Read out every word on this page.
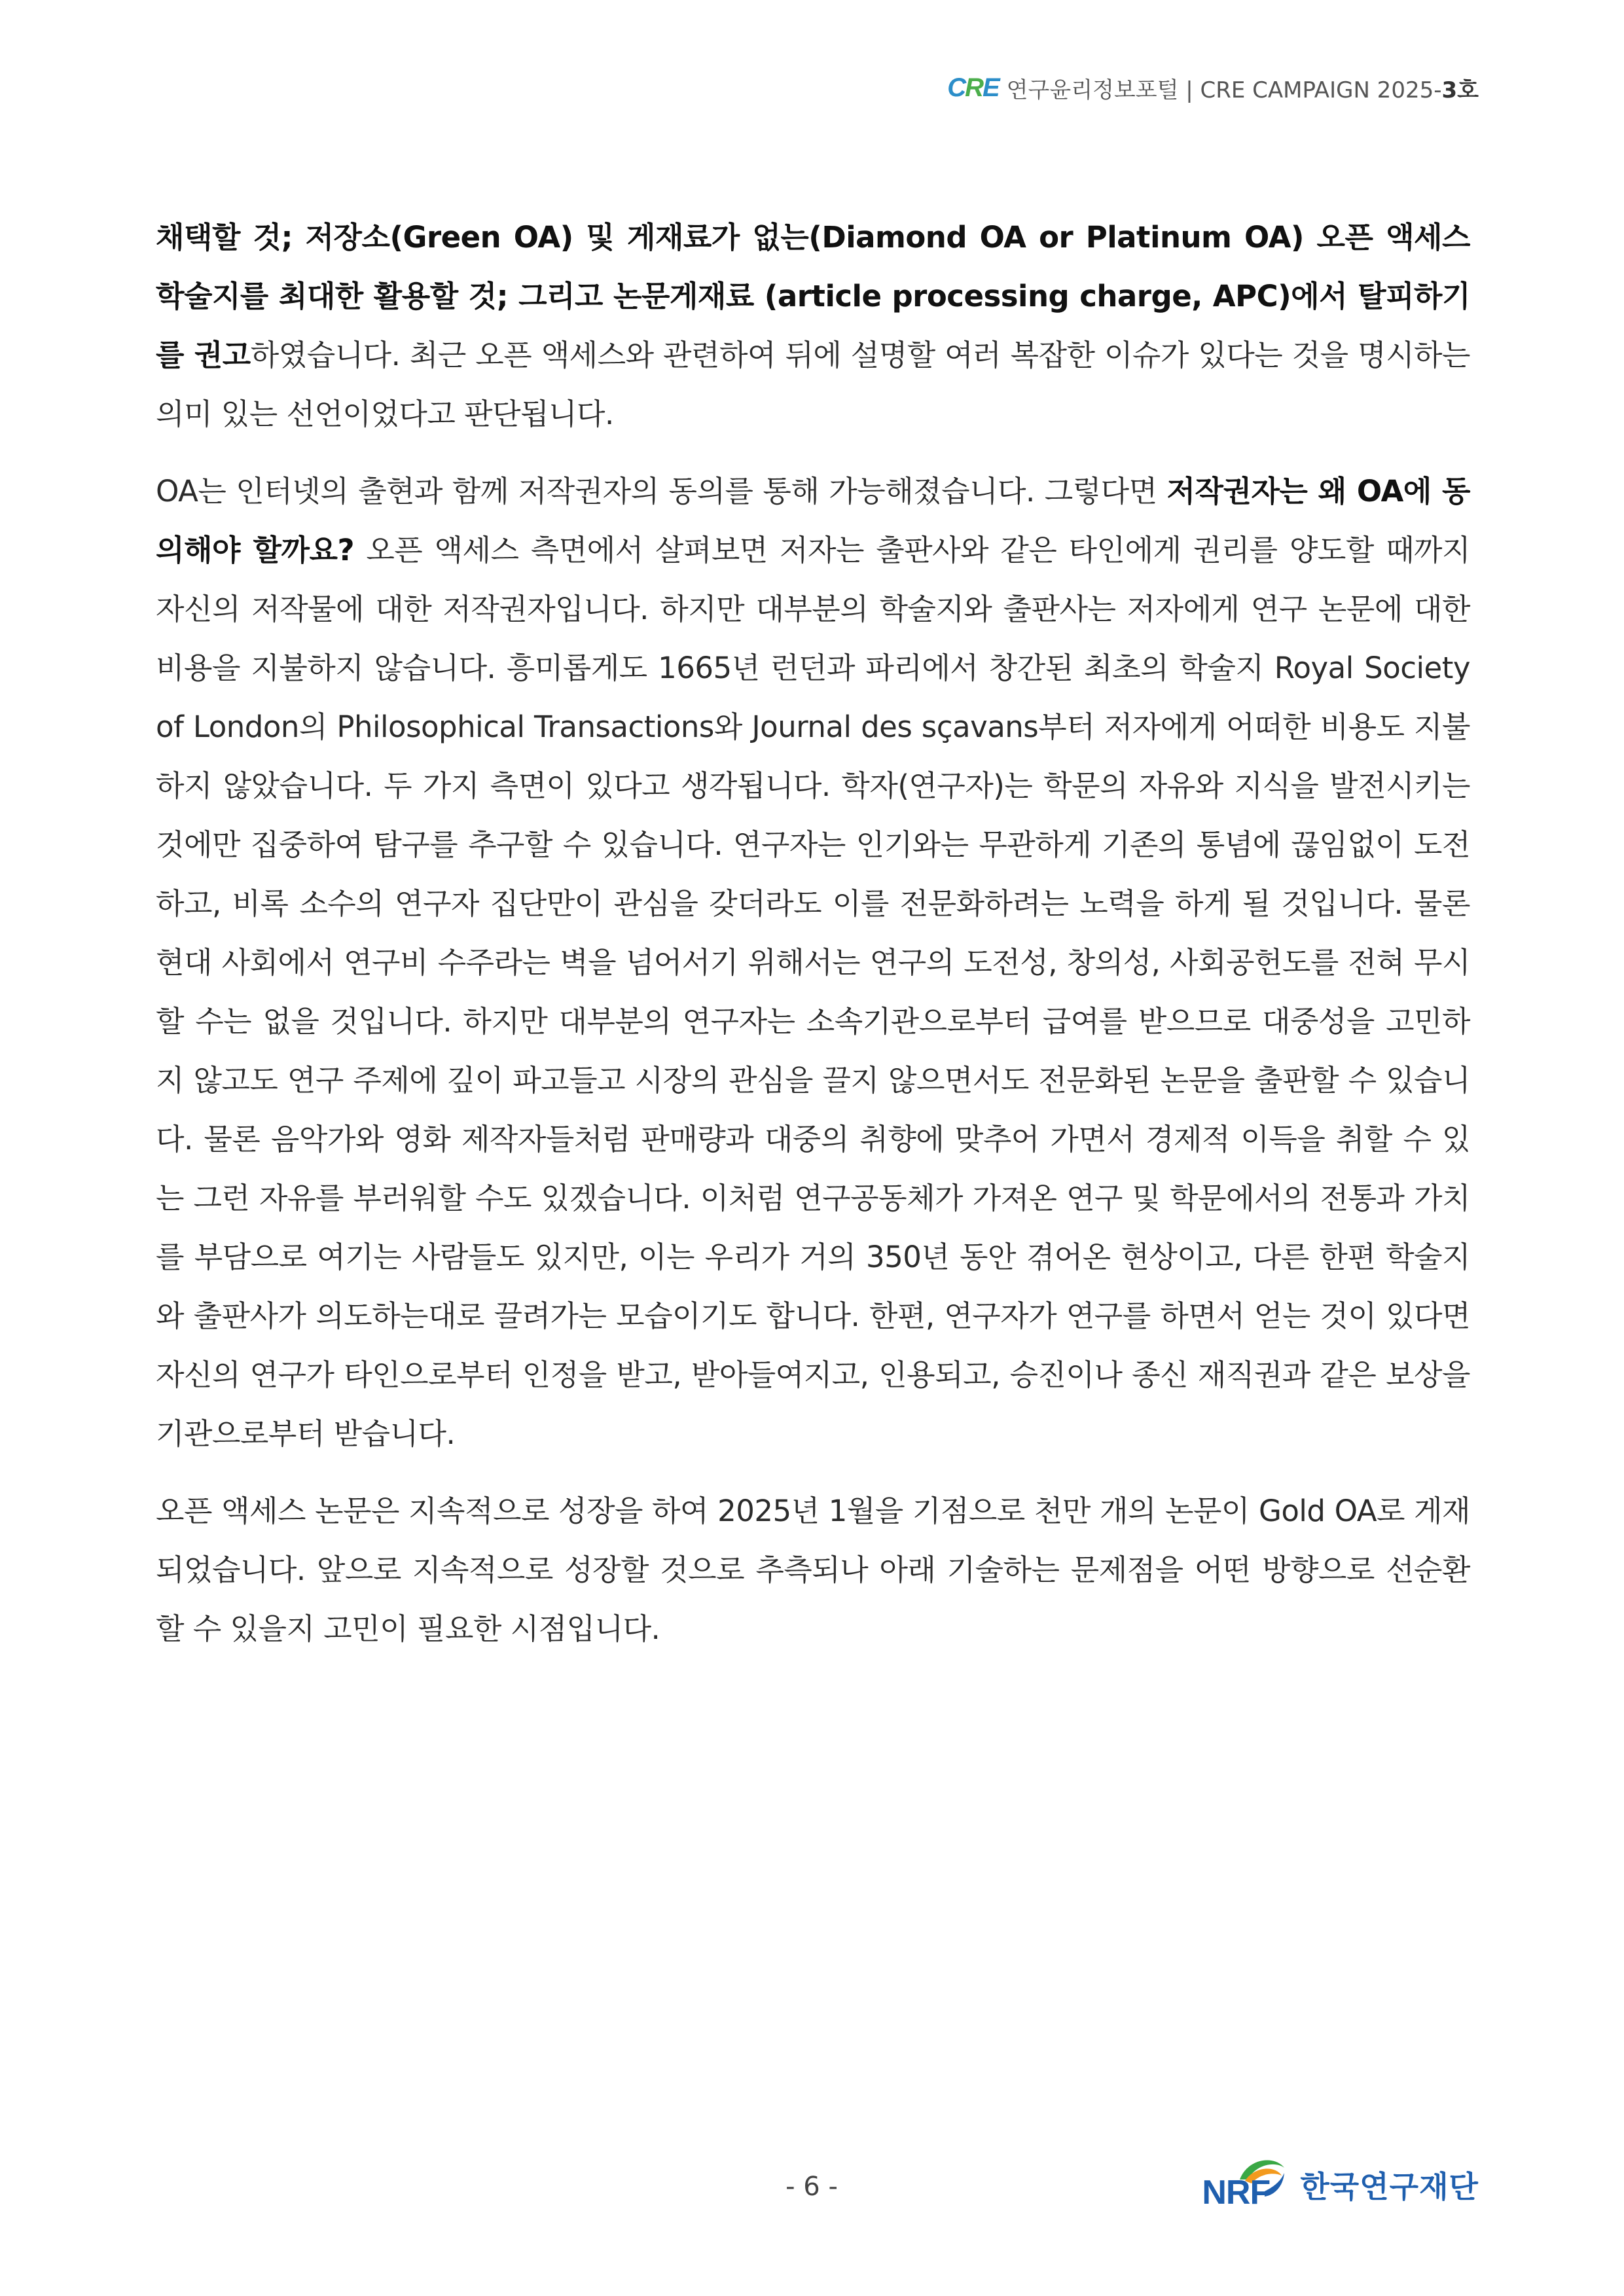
C R E 연구윤리정보포털 | CRE CAMPAIGN 2025-3호

채택할 것; 저장소(Green OA) 및 게재료가 없는(Diamond OA or Platinum OA) 오픈 액세스 학술지를 최대한 활용할 것; 그리고 논문게재료 (article processing charge, APC)에서 탈피하기를 권고하였습니다. 최근 오픈 액세스와 관련하여 뒤에 설명할 여러 복잡한 이슈가 있다는 것을 명시하는 의미 있는 선언이었다고 판단됩니다.

OA는 인터넷의 출현과 함께 저작권자의 동의를 통해 가능해졌습니다. 그렇다면 저작권자는 왜 OA에 동의해야 할까요? 오픈 액세스 측면에서 살펴보면 저자는 출판사와 같은 타인에게 권리를 양도할 때까지 자신의 저작물에 대한 저작권자입니다. 하지만 대부분의 학술지와 출판사는 저자에게 연구 논문에 대한 비용을 지불하지 않습니다. 흥미롭게도 1665년 런던과 파리에서 창간된 최초의 학술지 Royal Society of London의 Philosophical Transactions와 Journal des sçavans부터 저자에게 어떠한 비용도 지불하지 않았습니다. 두 가지 측면이 있다고 생각됩니다. 학자(연구자)는 학문의 자유와 지식을 발전시키는 것에만 집중하여 탐구를 추구할 수 있습니다. 연구자는 인기와는 무관하게 기존의 통념에 끊임없이 도전하고, 비록 소수의 연구자 집단만이 관심을 갖더라도 이를 전문화하려는 노력을 하게 될 것입니다. 물론 현대 사회에서 연구비 수주라는 벽을 넘어서기 위해서는 연구의 도전성, 창의성, 사회공헌도를 전혀 무시할 수는 없을 것입니다. 하지만 대부분의 연구자는 소속기관으로부터 급여를 받으므로 대중성을 고민하지 않고도 연구 주제에 깊이 파고들고 시장의 관심을 끌지 않으면서도 전문화된 논문을 출판할 수 있습니다. 물론 음악가와 영화 제작자들처럼 판매량과 대중의 취향에 맞추어 가면서 경제적 이득을 취할 수 있는 그런 자유를 부러워할 수도 있겠습니다. 이처럼 연구공동체가 가져온 연구 및 학문에서의 전통과 가치를 부담으로 여기는 사람들도 있지만, 이는 우리가 거의 350년 동안 겪어온 현상이고, 다른 한편 학술지와 출판사가 의도하는대로 끌려가는 모습이기도 합니다. 한편, 연구자가 연구를 하면서 얻는 것이 있다면 자신의 연구가 타인으로부터 인정을 받고, 받아들여지고, 인용되고, 승진이나 종신 재직권과 같은 보상을 기관으로부터 받습니다.

오픈 액세스 논문은 지속적으로 성장을 하여 2025년 1월을 기점으로 천만 개의 논문이 Gold OA로 게재되었습니다. 앞으로 지속적으로 성장할 것으로 추측되나 아래 기술하는 문제점을 어떤 방향으로 선순환할 수 있을지 고민이 필요한 시점입니다.

- 6 -	NRF 한국연구재단
